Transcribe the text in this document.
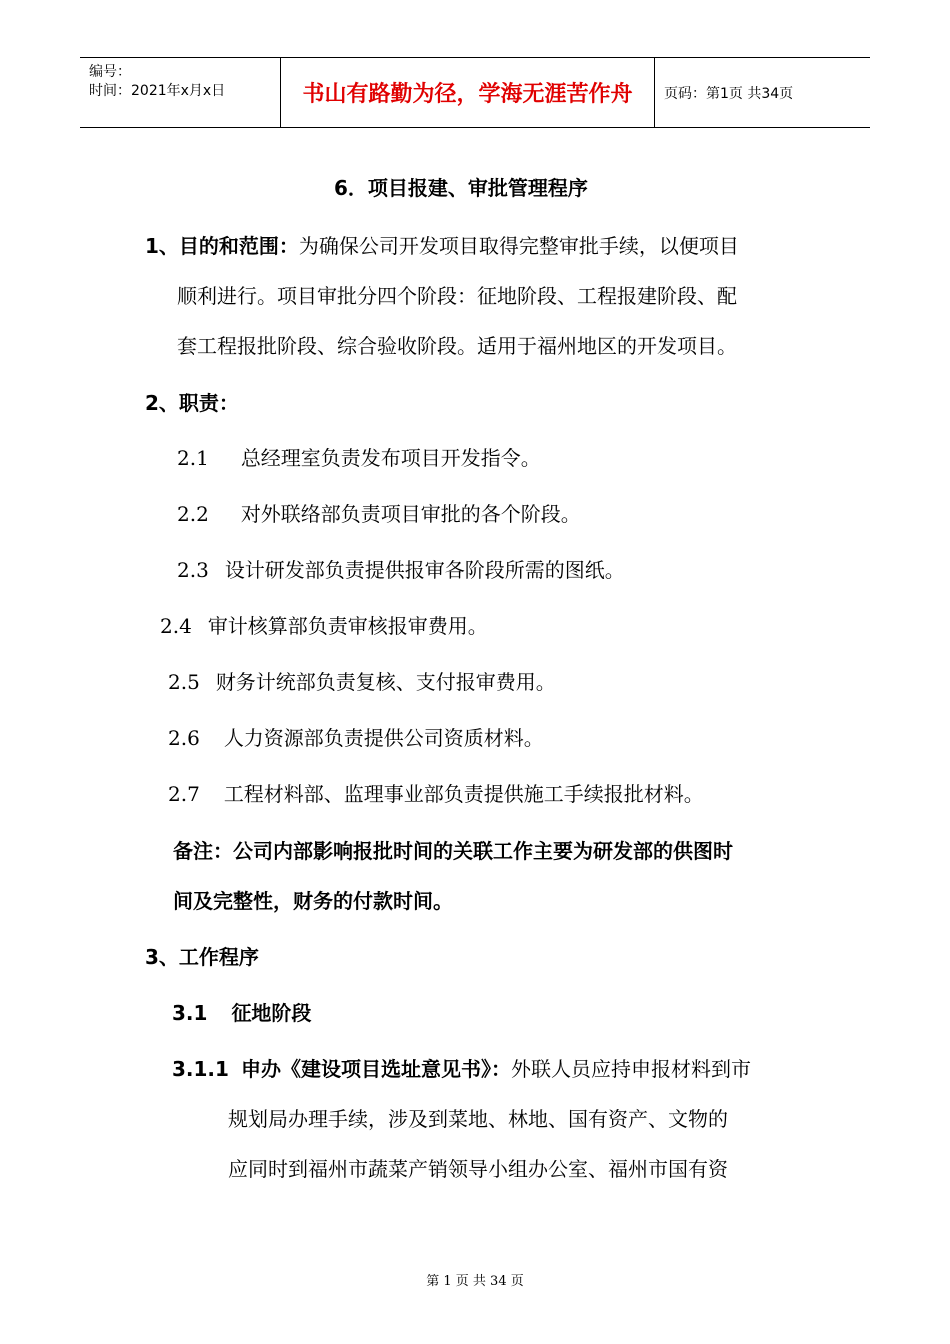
编号：
时间：2021年x月x日	书山有路勤为径，学海无涯苦作舟	页码：第1页 共34页
6．项目报建、审批管理程序
1、目的和范围：为确保公司开发项目取得完整审批手续，以便项目
顺利进行。项目审批分四个阶段：征地阶段、工程报建阶段、配
套工程报批阶段、综合验收阶段。适用于福州地区的开发项目。
2、职责：
2.1 总经理室负责发布项目开发指令。
2.2 对外联络部负责项目审批的各个阶段。
2.3 设计研发部负责提供报审各阶段所需的图纸。
2.4 审计核算部负责审核报审费用。
2.5 财务计统部负责复核、支付报审费用。
2.6 人力资源部负责提供公司资质材料。
2.7 工程材料部、监理事业部负责提供施工手续报批材料。
备注：公司内部影响报批时间的关联工作主要为研发部的供图时
间及完整性，财务的付款时间。
3、工作程序
3.1 征地阶段
3.1.1 申办《建设项目选址意见书》：外联人员应持申报材料到市
规划局办理手续，涉及到菜地、林地、国有资产、文物的
应同时到福州市蔬菜产销领导小组办公室、福州市国有资
第 1 页 共 34 页
